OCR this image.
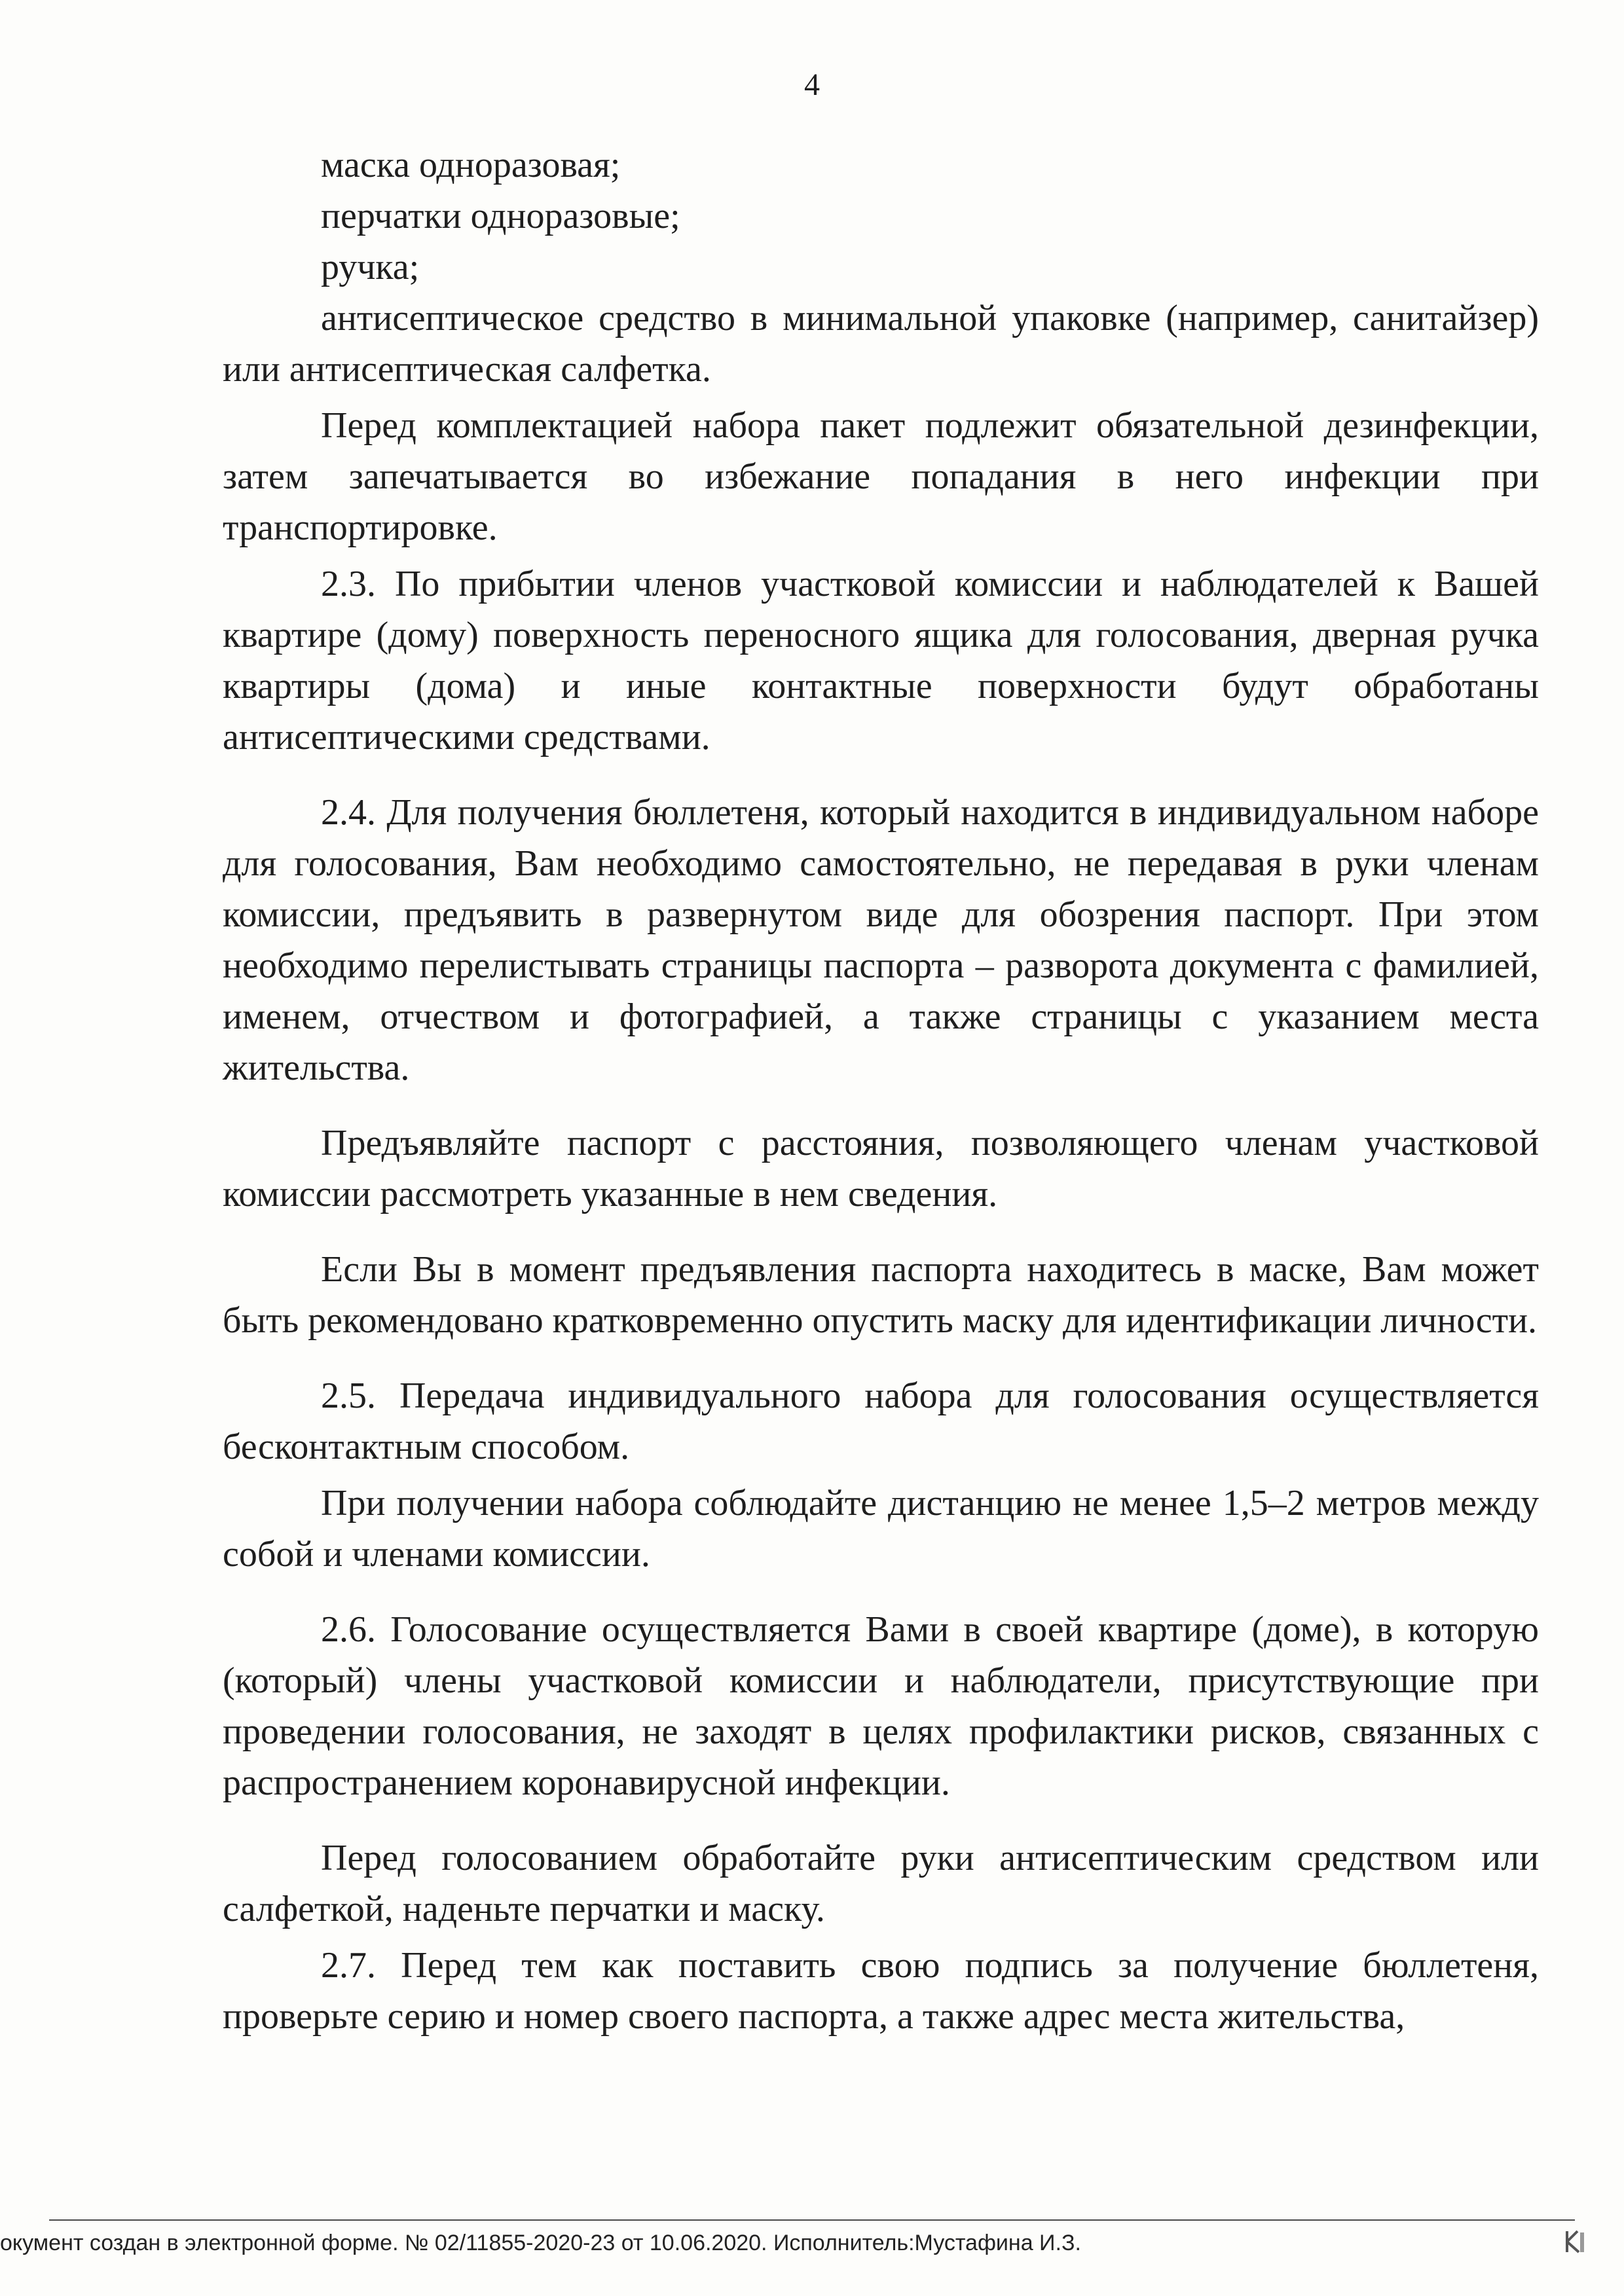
4

маска одноразовая;

перчатки одноразовые;

ручка;

антисептическое средство в минимальной упаковке (например, санитайзер) или антисептическая салфетка.

Перед комплектацией набора пакет подлежит обязательной дезинфекции, затем запечатывается во избежание попадания в него инфекции при транспортировке.

2.3. По прибытии членов участковой комиссии и наблюдателей к Вашей квартире (дому) поверхность переносного ящика для голосования, дверная ручка квартиры (дома) и иные контактные поверхности будут обработаны антисептическими средствами.

2.4. Для получения бюллетеня, который находится в индивидуальном наборе для голосования, Вам необходимо самостоятельно, не передавая в руки членам комиссии, предъявить в развернутом виде для обозрения паспорт. При этом необходимо перелистывать страницы паспорта – разворота документа с фамилией, именем, отчеством и фотографией, а также страницы с указанием места жительства.

Предъявляйте паспорт с расстояния, позволяющего членам участковой комиссии рассмотреть указанные в нем сведения.

Если Вы в момент предъявления паспорта находитесь в маске, Вам может быть рекомендовано кратковременно опустить маску для идентификации личности.

2.5. Передача индивидуального набора для голосования осуществляется бесконтактным способом.

При получении набора соблюдайте дистанцию не менее 1,5–2 метров между собой и членами комиссии.

2.6. Голосование осуществляется Вами в своей квартире (доме), в которую (который) члены участковой комиссии и наблюдатели, присутствующие при проведении голосования, не заходят в целях профилактики рисков, связанных с распространением коронавирусной инфекции.

Перед голосованием обработайте руки антисептическим средством или салфеткой, наденьте перчатки и маску.

2.7. Перед тем как поставить свою подпись за получение бюллетеня, проверьте серию и номер своего паспорта, а также адрес места жительства,

окумент создан в электронной форме. № 02/11855-2020-23 от 10.06.2020. Исполнитель:Мустафина И.З.
